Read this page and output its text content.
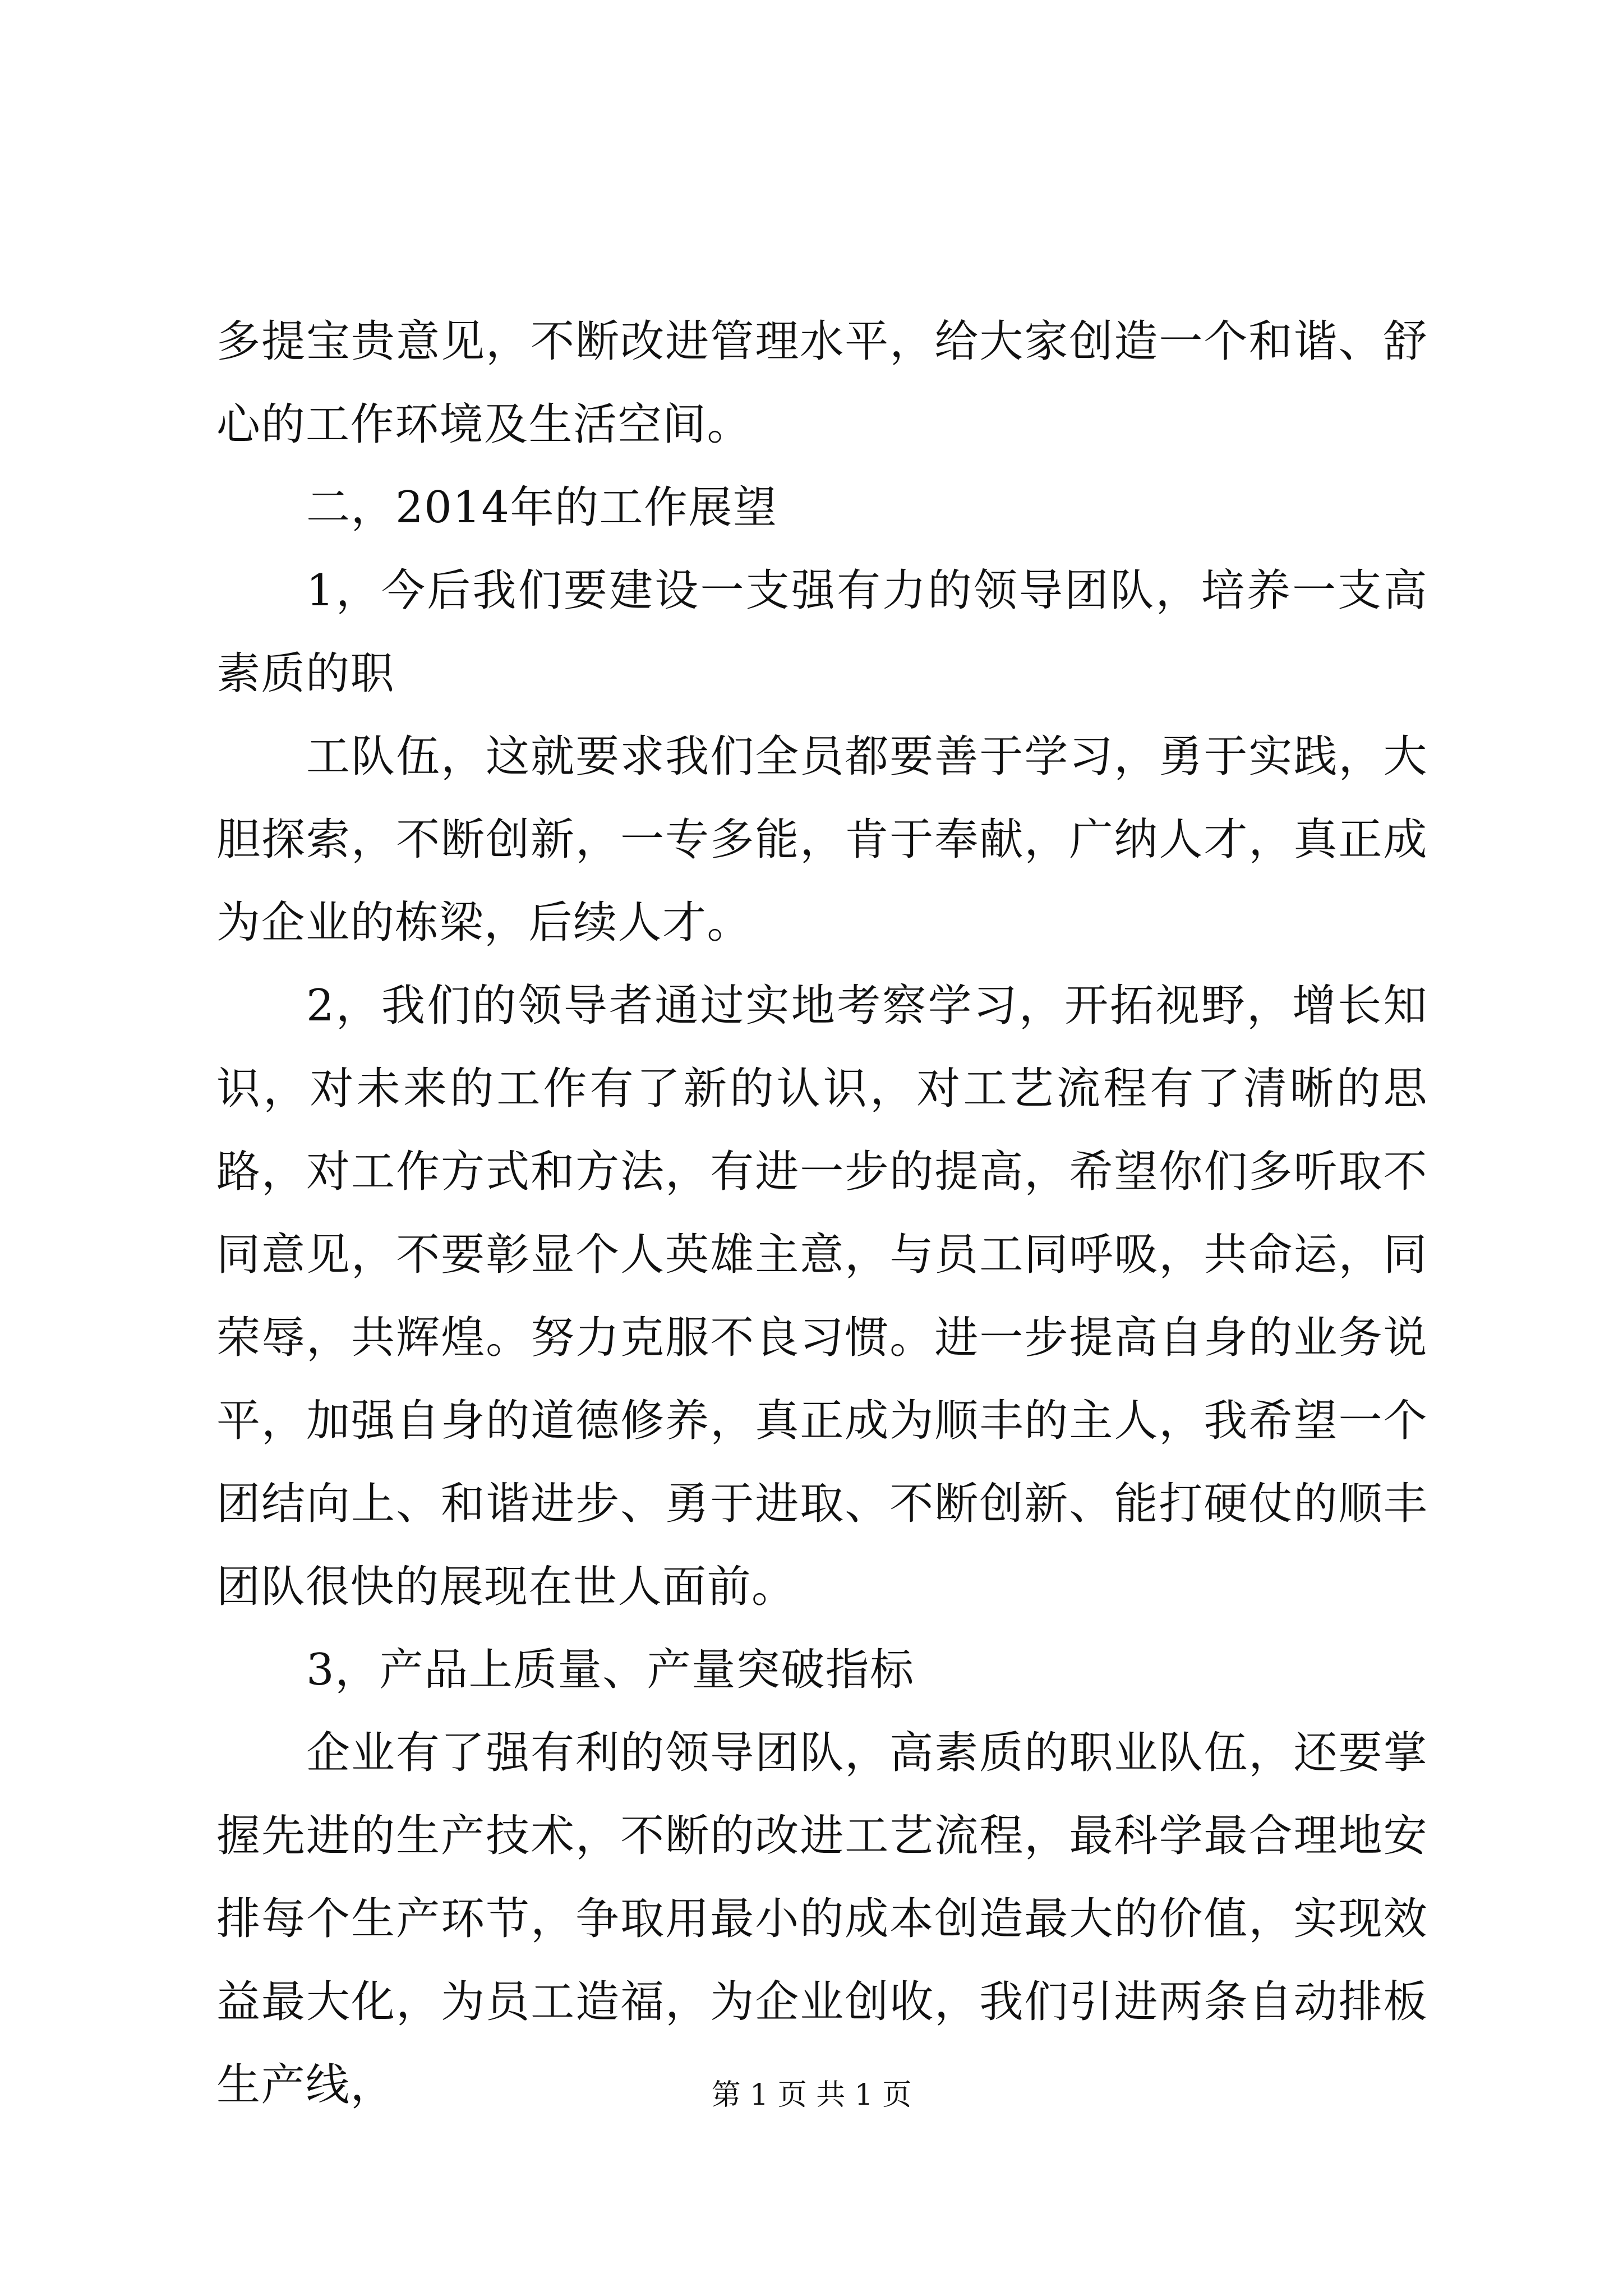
多提宝贵意见，不断改进管理水平，给大家创造一个和谐、舒心的工作环境及生活空间。

二，2014年的工作展望

1，今后我们要建设一支强有力的领导团队，培养一支高素质的职

工队伍，这就要求我们全员都要善于学习，勇于实践，大胆探索，不断创新，一专多能，肯于奉献，广纳人才，真正成为企业的栋梁，后续人才。

2，我们的领导者通过实地考察学习，开拓视野，增长知识，对未来的工作有了新的认识，对工艺流程有了清晰的思路，对工作方式和方法，有进一步的提高，希望你们多听取不同意见，不要彰显个人英雄主意，与员工同呼吸，共命运，同荣辱，共辉煌。努力克服不良习惯。进一步提高自身的业务说平，加强自身的道德修养，真正成为顺丰的主人，我希望一个团结向上、和谐进步、勇于进取、不断创新、能打硬仗的顺丰团队很快的展现在世人面前。

3，产品上质量、产量突破指标

企业有了强有利的领导团队，高素质的职业队伍，还要掌握先进的生产技术，不断的改进工艺流程，最科学最合理地安排每个生产环节，争取用最小的成本创造最大的价值，实现效益最大化，为员工造福，为企业创收，我们引进两条自动排板生产线，	第 1 页 共 1 页
